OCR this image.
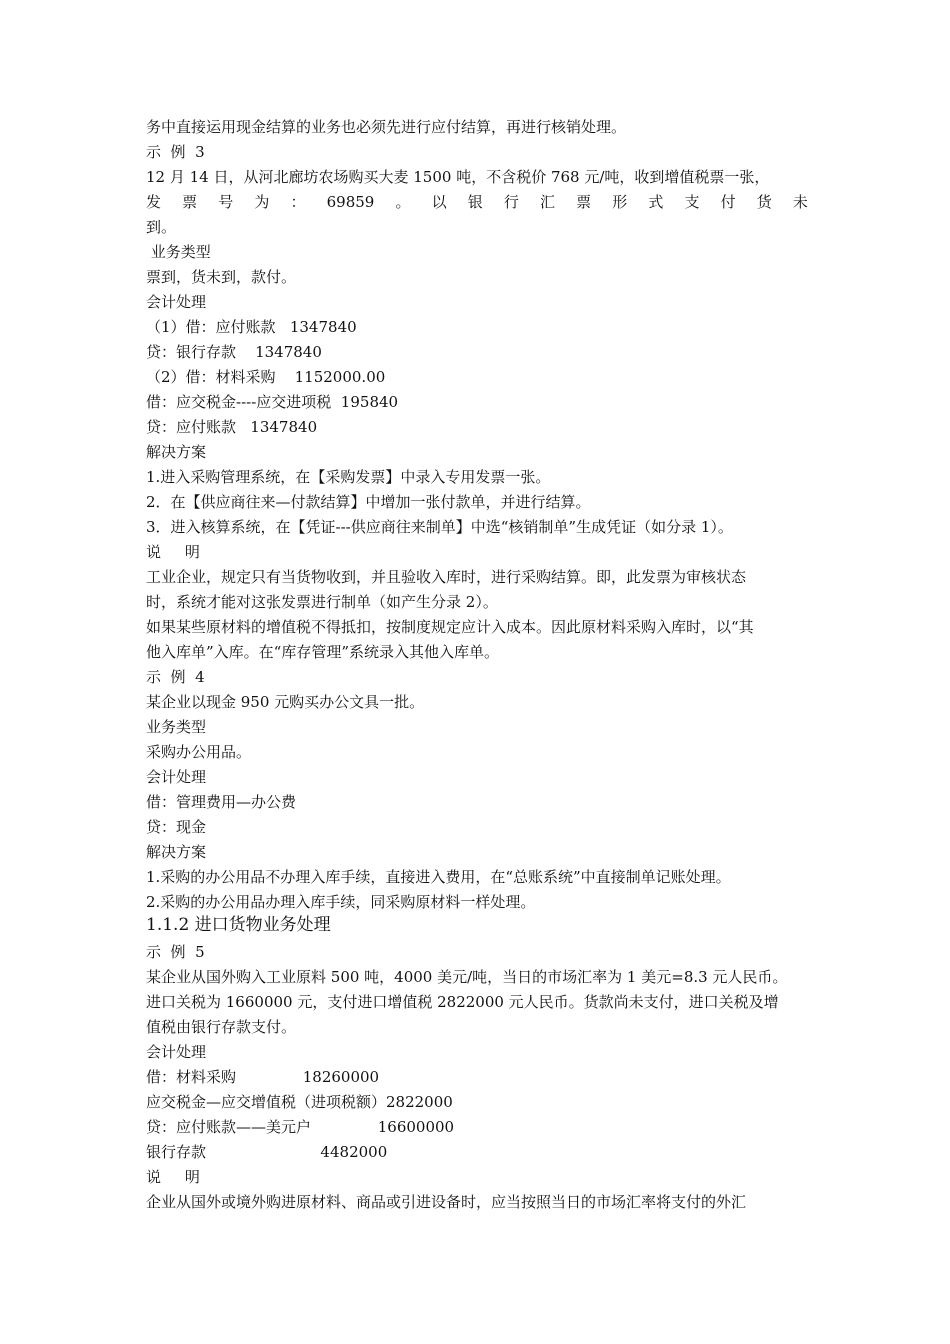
务中直接运用现金结算的业务也必须先进行应付结算，再进行核销处理。
示  例  3
12 月 14 日，从河北廊坊农场购买大麦 1500 吨，不含税价 768 元/吨，收到增值税票一张，
发 票 号 为 ： 69859 。 以 银 行 汇 票 形 式 支 付 货 未
到。
业务类型
票到，货未到，款付。
会计处理
（1）借：应付账款   1347840
贷：银行存款    1347840
（2）借：材料采购    1152000.00
借：应交税金----应交进项税  195840
贷：应付账款   1347840
解决方案
1.进入采购管理系统，在【采购发票】中录入专用发票一张。
2．在【供应商往来—付款结算】中增加一张付款单，并进行结算。
3．进入核算系统，在【凭证---供应商往来制单】中选“核销制单”生成凭证（如分录 1）。
说     明
工业企业，规定只有当货物收到，并且验收入库时，进行采购结算。即，此发票为审核状态
时，系统才能对这张发票进行制单（如产生分录 2）。
如果某些原材料的增值税不得抵扣，按制度规定应计入成本。因此原材料采购入库时，以“其
他入库单”入库。在“库存管理”系统录入其他入库单。
示  例  4
某企业以现金 950 元购买办公文具一批。
业务类型
采购办公用品。
会计处理
借：管理费用—办公费
贷：现金
解决方案
1.采购的办公用品不办理入库手续，直接进入费用，在“总账系统”中直接制单记账处理。
2.采购的办公用品办理入库手续，同采购原材料一样处理。
1.1.2 进口货物业务处理
示  例  5
某企业从国外购入工业原料 500 吨，4000 美元/吨，当日的市场汇率为 1 美元=8.3 元人民币。
进口关税为 1660000 元，支付进口增值税 2822000 元人民币。货款尚未支付，进口关税及增
值税由银行存款支付。
会计处理
借：材料采购              18260000
应交税金—应交增值税（进项税额）2822000
贷：应付账款——美元户              16600000
银行存款                        4482000
说     明
企业从国外或境外购进原材料、商品或引进设备时，应当按照当日的市场汇率将支付的外汇
